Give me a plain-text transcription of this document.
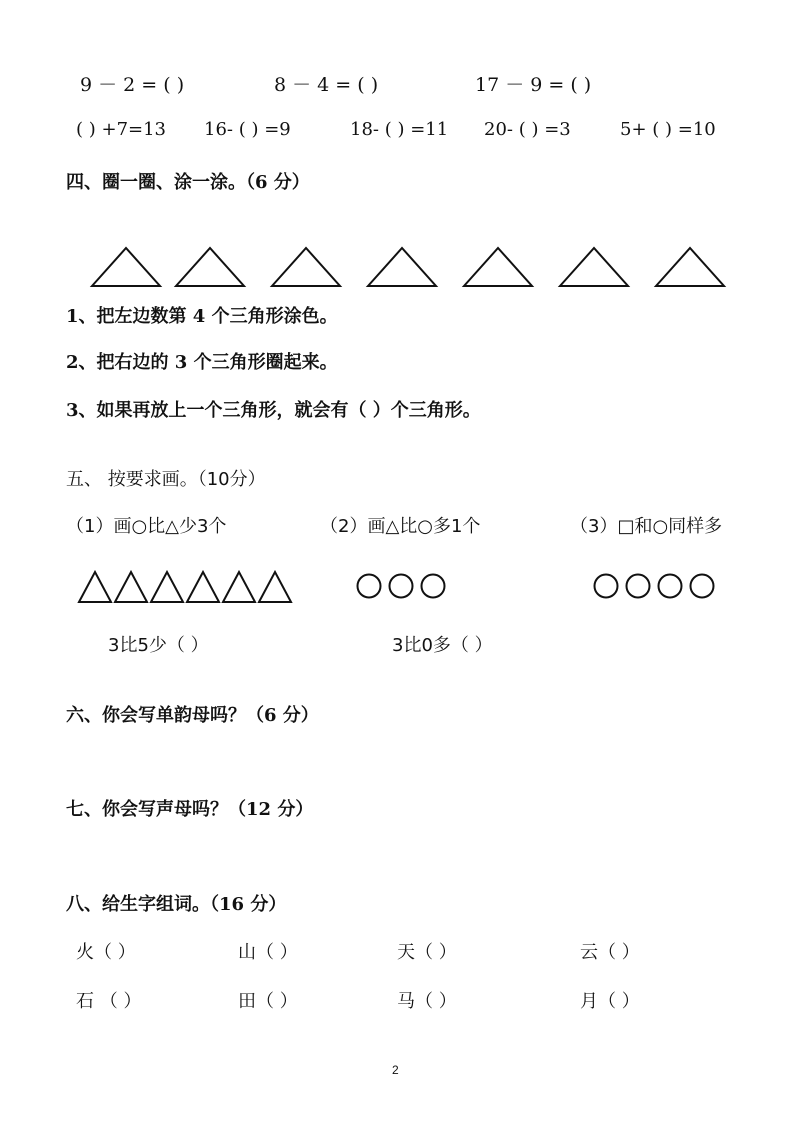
9 － 2 = ( )	8 － 4 = ( )	17 － 9 = ( )
( ) +7=13 16- ( ) =9	18- ( ) =11 20- ( ) =3	5+ ( ) =10
四、圈一圈、涂一涂。（6 分）
1、把左边数第 4 个三角形涂色。
2、把右边的 3 个三角形圈起来。
3、如果再放上一个三角形，就会有（ ）个三角形。
五、 按要求画。（10分）
（1）画○比△少3个	（2）画△比○多1个	（3）□和○同样多
3比5少（ ）	3比0多（ ）
六、你会写单韵母吗？（6 分）
七、你会写声母吗？（12 分）
八、给生字组词。（16 分）
火（ ）	山（ ）	天（ ）	云（ ）
石 （ ）	田（ ）	马（ ）	月（ ）
2
